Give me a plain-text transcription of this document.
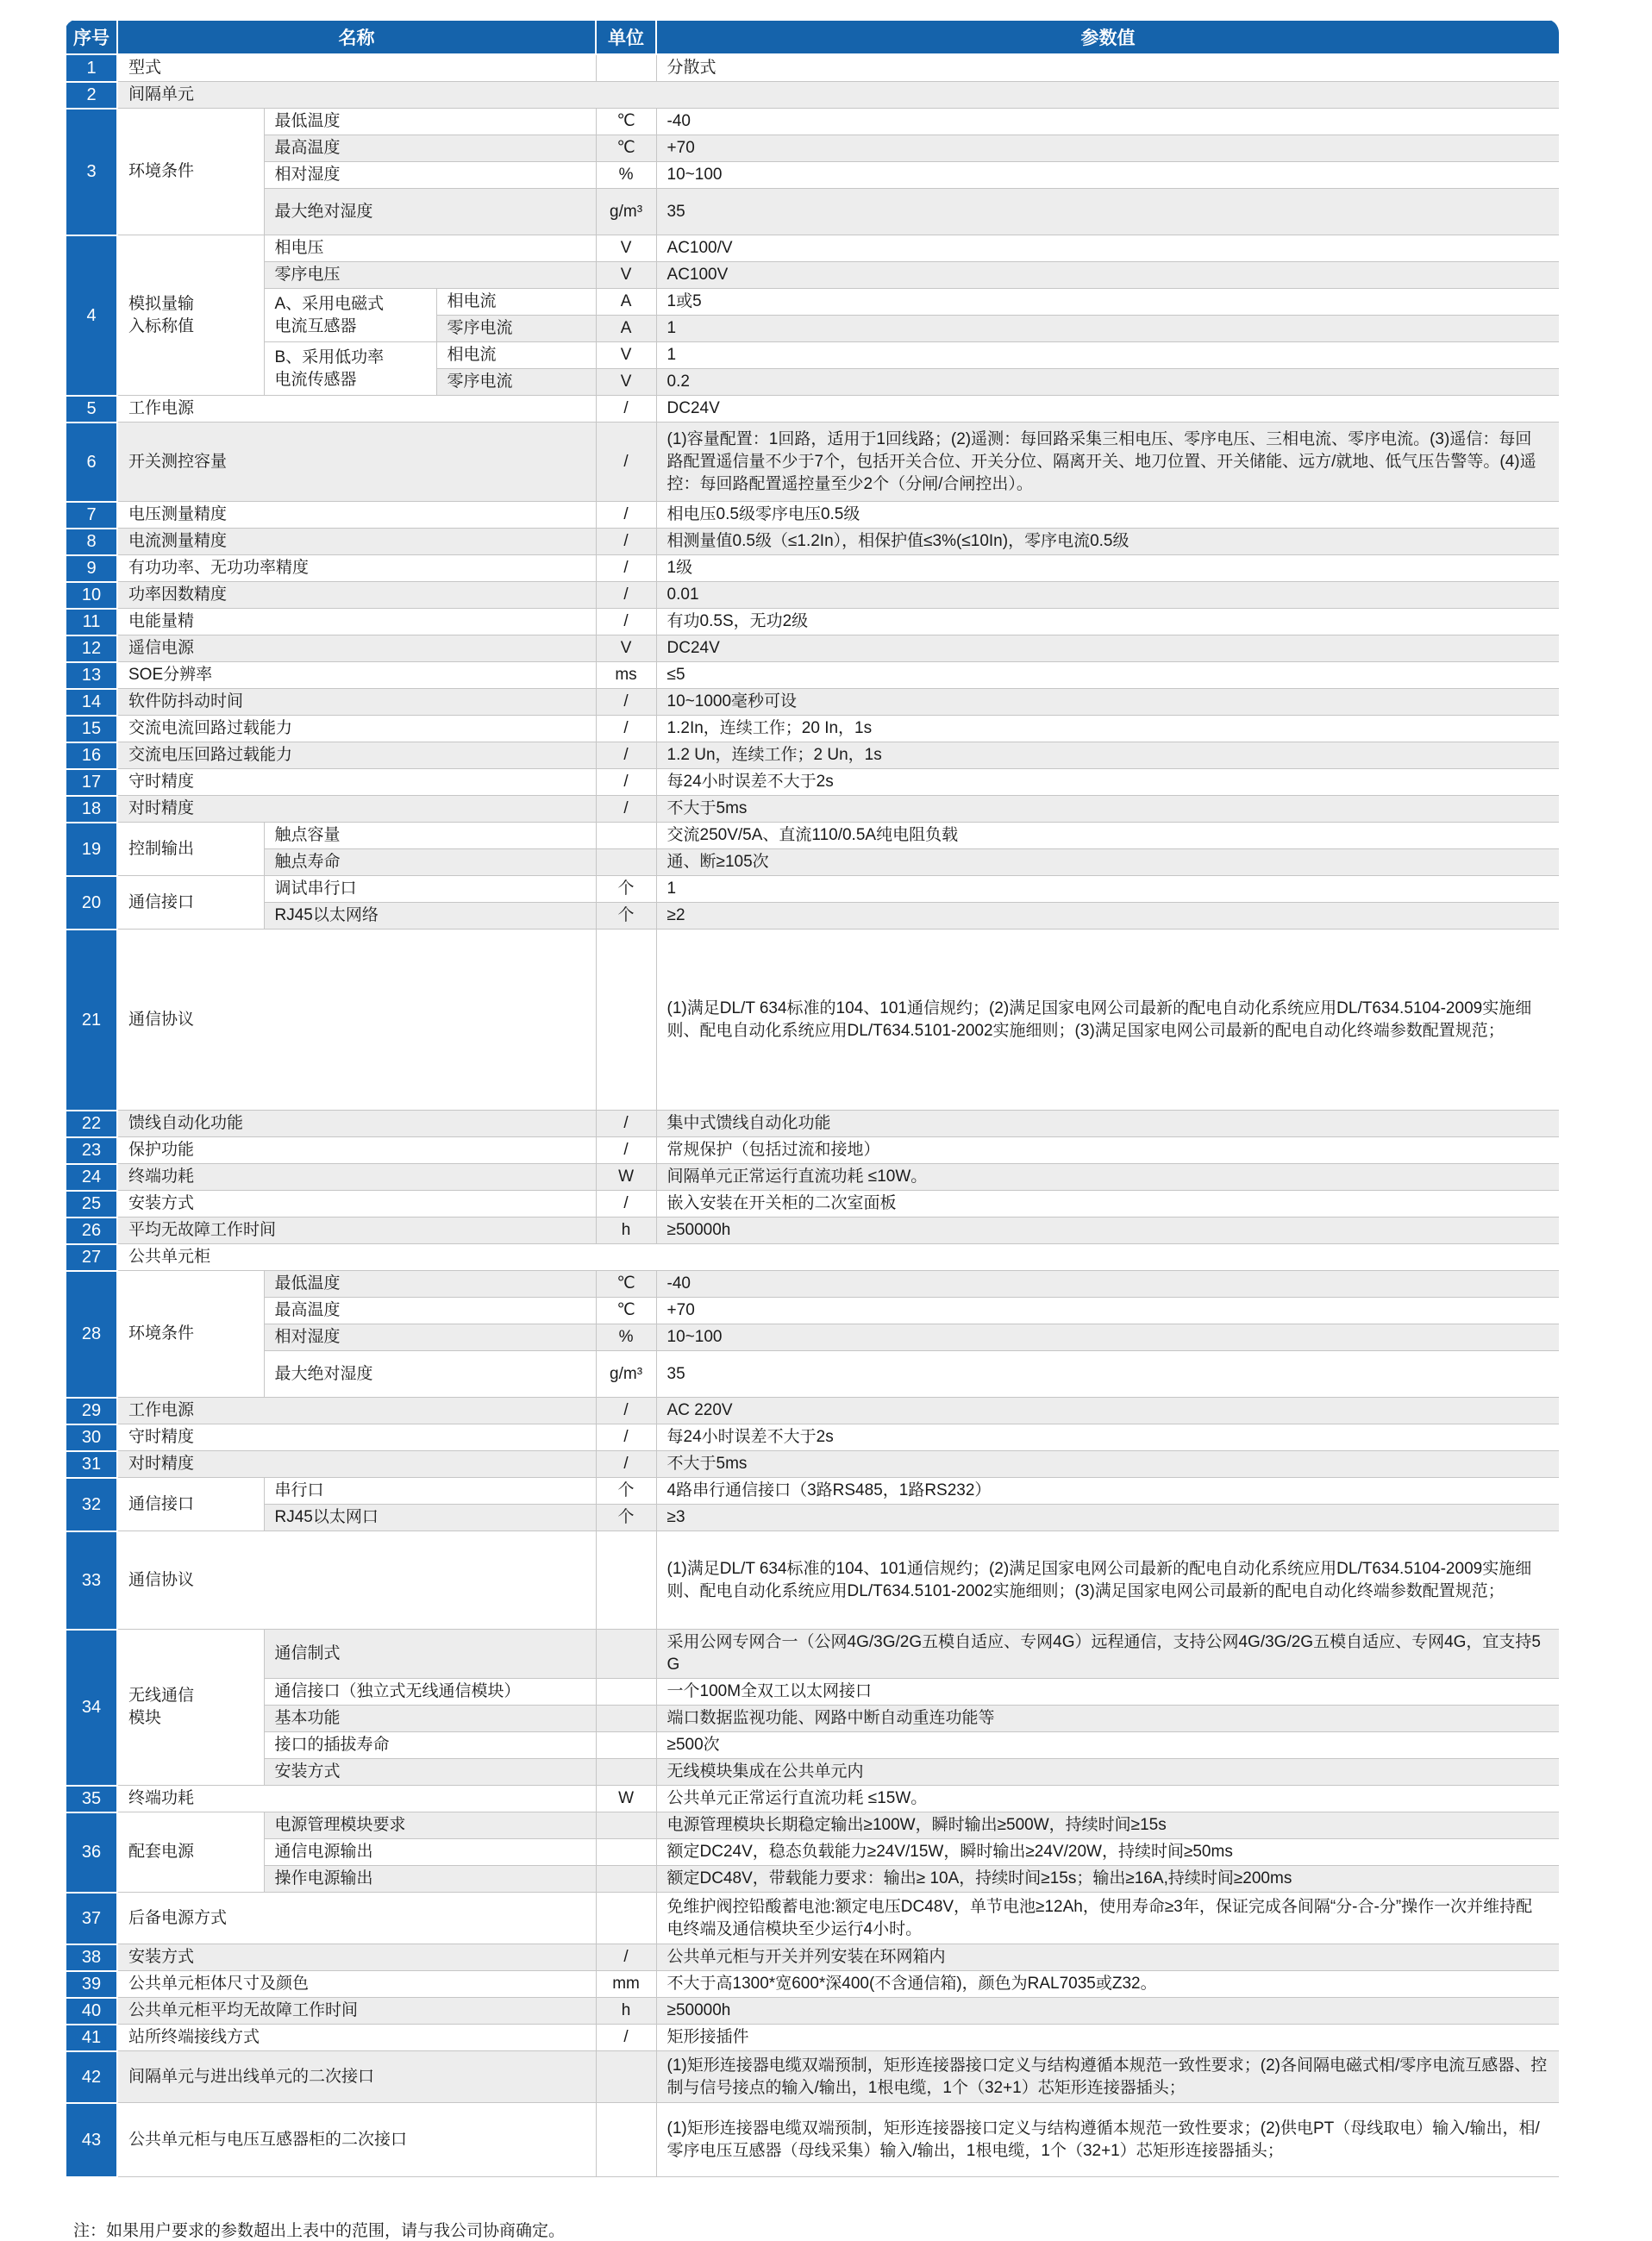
序号	名称			单位	参数值
1	型式				分散式
2	间隔单元				
3	环境条件	最低温度		℃	-40
		最高温度		℃	+70
		相对湿度		%	10~100
		最大绝对湿度		g/m³	35
4	模拟量输入标称值	相电压		V	AC100/V
		零序电压		V	AC100V
		A、采用电磁式电流互感器	相电流	A	1或5
			零序电流	A	1
		B、采用低功率电流传感器	相电流	V	1
			零序电流	V	0.2
5	工作电源			/	DC24V
6	开关测控容量			/	(1)容量配置：1回路，适用于1回线路；(2)遥测：每回路采集三相电压、零序电压、三相电流、零序电流。(3)遥信：每回路配置遥信量不少于7个，包括开关合位、开关分位、隔离开关、地刀位置、开关储能、远方/就地、低气压告警等。(4)遥控：每回路配置遥控量至少2个（分闸/合闸控出）。
7	电压测量精度			/	相电压0.5级零序电压0.5级
8	电流测量精度			/	相测量值0.5级（≤1.2In），相保护值≤3%(≤10In)，零序电流0.5级
9	有功功率、无功功率精度			/	1级
10	功率因数精度			/	0.01
11	电能量精			/	有功0.5S，无功2级
12	遥信电源			V	DC24V
13	SOE分辨率			ms	≤5
14	软件防抖动时间			/	10~1000毫秒可设
15	交流电流回路过载能力			/	1.2In，连续工作；20 In，1s
16	交流电压回路过载能力			/	1.2 Un，连续工作；2 Un，1s
17	守时精度			/	每24小时误差不大于2s
18	对时精度			/	不大于5ms
19	控制输出	触点容量			交流250V/5A、直流110/0.5A纯电阻负载
		触点寿命			通、断≥105次
20	通信接口	调试串行口		个	1
		RJ45以太网络		个	≥2
21	通信协议				(1)满足DL/T 634标准的104、101通信规约；(2)满足国家电网公司最新的配电自动化系统应用DL/T634.5104-2009实施细则、配电自动化系统应用DL/T634.5101-2002实施细则；(3)满足国家电网公司最新的配电自动化终端参数配置规范；
22	馈线自动化功能			/	集中式馈线自动化功能
23	保护功能			/	常规保护（包括过流和接地）
24	终端功耗			W	间隔单元正常运行直流功耗 ≤10W。
25	安装方式			/	嵌入安装在开关柜的二次室面板
26	平均无故障工作时间			h	≥50000h
27	公共单元柜				
28	环境条件	最低温度		℃	-40
		最高温度		℃	+70
		相对湿度		%	10~100
		最大绝对湿度		g/m³	35
29	工作电源			/	AC 220V
30	守时精度			/	每24小时误差不大于2s
31	对时精度			/	不大于5ms
32	通信接口	串行口		个	4路串行通信接口（3路RS485，1路RS232）
		RJ45以太网口		个	≥3
33	通信协议				(1)满足DL/T 634标准的104、101通信规约；(2)满足国家电网公司最新的配电自动化系统应用DL/T634.5104-2009实施细则、配电自动化系统应用DL/T634.5101-2002实施细则；(3)满足国家电网公司最新的配电自动化终端参数配置规范；
34	无线通信模块	通信制式			采用公网专网合一（公网4G/3G/2G五模自适应、专网4G）远程通信，支持公网4G/3G/2G五模自适应、专网4G，宜支持5G
		通信接口（独立式无线通信模块）			一个100M全双工以太网接口
		基本功能			端口数据监视功能、网路中断自动重连功能等
		接口的插拔寿命			≥500次
		安装方式			无线模块集成在公共单元内
35	终端功耗			W	公共单元正常运行直流功耗 ≤15W。
36	配套电源	电源管理模块要求			电源管理模块长期稳定输出≥100W，瞬时输出≥500W，持续时间≥15s
		通信电源输出			额定DC24V，稳态负载能力≥24V/15W，瞬时输出≥24V/20W，持续时间≥50ms
		操作电源输出			额定DC48V，带载能力要求：输出≥ 10A，持续时间≥15s；输出≥16A,持续时间≥200ms
37	后备电源方式				免维护阀控铅酸蓄电池:额定电压DC48V，单节电池≥12Ah，使用寿命≥3年，保证完成各间隔“分-合-分”操作一次并维持配电终端及通信模块至少运行4小时。
38	安装方式			/	公共单元柜与开关并列安装在环网箱内
39	公共单元柜体尺寸及颜色			mm	不大于高1300*宽600*深400(不含通信箱)，颜色为RAL7035或Z32。
40	公共单元柜平均无故障工作时间			h	≥50000h
41	站所终端接线方式			/	矩形接插件
42	间隔单元与进出线单元的二次接口				(1)矩形连接器电缆双端预制，矩形连接器接口定义与结构遵循本规范一致性要求；(2)各间隔电磁式相/零序电流互感器、控制与信号接点的输入/输出，1根电缆，1个（32+1）芯矩形连接器插头；
43	公共单元柜与电压互感器柜的二次接口				(1)矩形连接器电缆双端预制，矩形连接器接口定义与结构遵循本规范一致性要求；(2)供电PT（母线取电）输入/输出，相/零序电压互感器（母线采集）输入/输出，1根电缆，1个（32+1）芯矩形连接器插头；
注：如果用户要求的参数超出上表中的范围，请与我公司协商确定。
